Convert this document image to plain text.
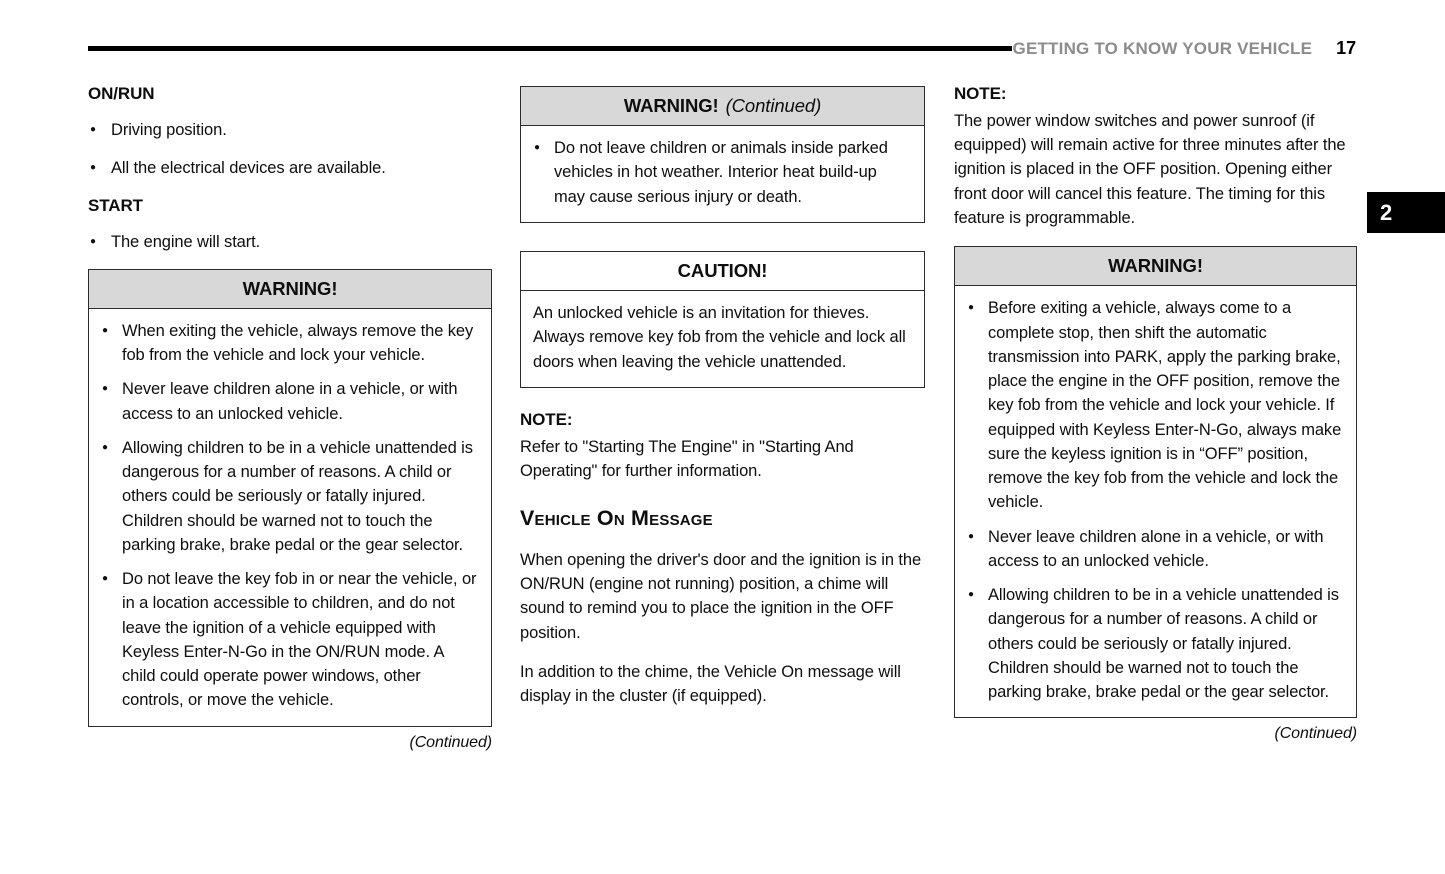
GETTING TO KNOW YOUR VEHICLE 17
2
ON/RUN
● Driving position.
● All the electrical devices are available.
START
● The engine will start.
WARNING!
● When exiting the vehicle, always remove the key fob from the vehicle and lock your vehicle.
● Never leave children alone in a vehicle, or with access to an unlocked vehicle.
● Allowing children to be in a vehicle unattended is dangerous for a number of reasons. A child or others could be seriously or fatally injured. Children should be warned not to touch the parking brake, brake pedal or the gear selector.
● Do not leave the key fob in or near the vehicle, or in a location accessible to children, and do not leave the ignition of a vehicle equipped with Keyless Enter-N-Go in the ON/RUN mode. A child could operate power windows, other controls, or move the vehicle.
(Continued)
WARNING! (Continued)
● Do not leave children or animals inside parked vehicles in hot weather. Interior heat build-up may cause serious injury or death.
CAUTION!

An unlocked vehicle is an invitation for thieves. Always remove key fob from the vehicle and lock all doors when leaving the vehicle unattended.

NOTE:

Refer to "Starting The Engine" in "Starting And Operating" for further information.

Vehicle On Message

When opening the driver's door and the ignition is in the ON/RUN (engine not running) position, a chime will sound to remind you to place the ignition in the OFF position.

In addition to the chime, the Vehicle On message will display in the cluster (if equipped).

NOTE:

The power window switches and power sunroof (if equipped) will remain active for three minutes after the ignition is placed in the OFF position. Opening either front door will cancel this feature. The timing for this feature is programmable.

WARNING!
● Before exiting a vehicle, always come to a complete stop, then shift the automatic transmission into PARK, apply the parking brake, place the engine in the OFF position, remove the key fob from the vehicle and lock your vehicle. If equipped with Keyless Enter-N-Go, always make sure the keyless ignition is in “OFF” position, remove the key fob from the vehicle and lock the vehicle.
● Never leave children alone in a vehicle, or with access to an unlocked vehicle.
● Allowing children to be in a vehicle unattended is dangerous for a number of reasons. A child or others could be seriously or fatally injured. Children should be warned not to touch the parking brake, brake pedal or the gear selector.
(Continued)
